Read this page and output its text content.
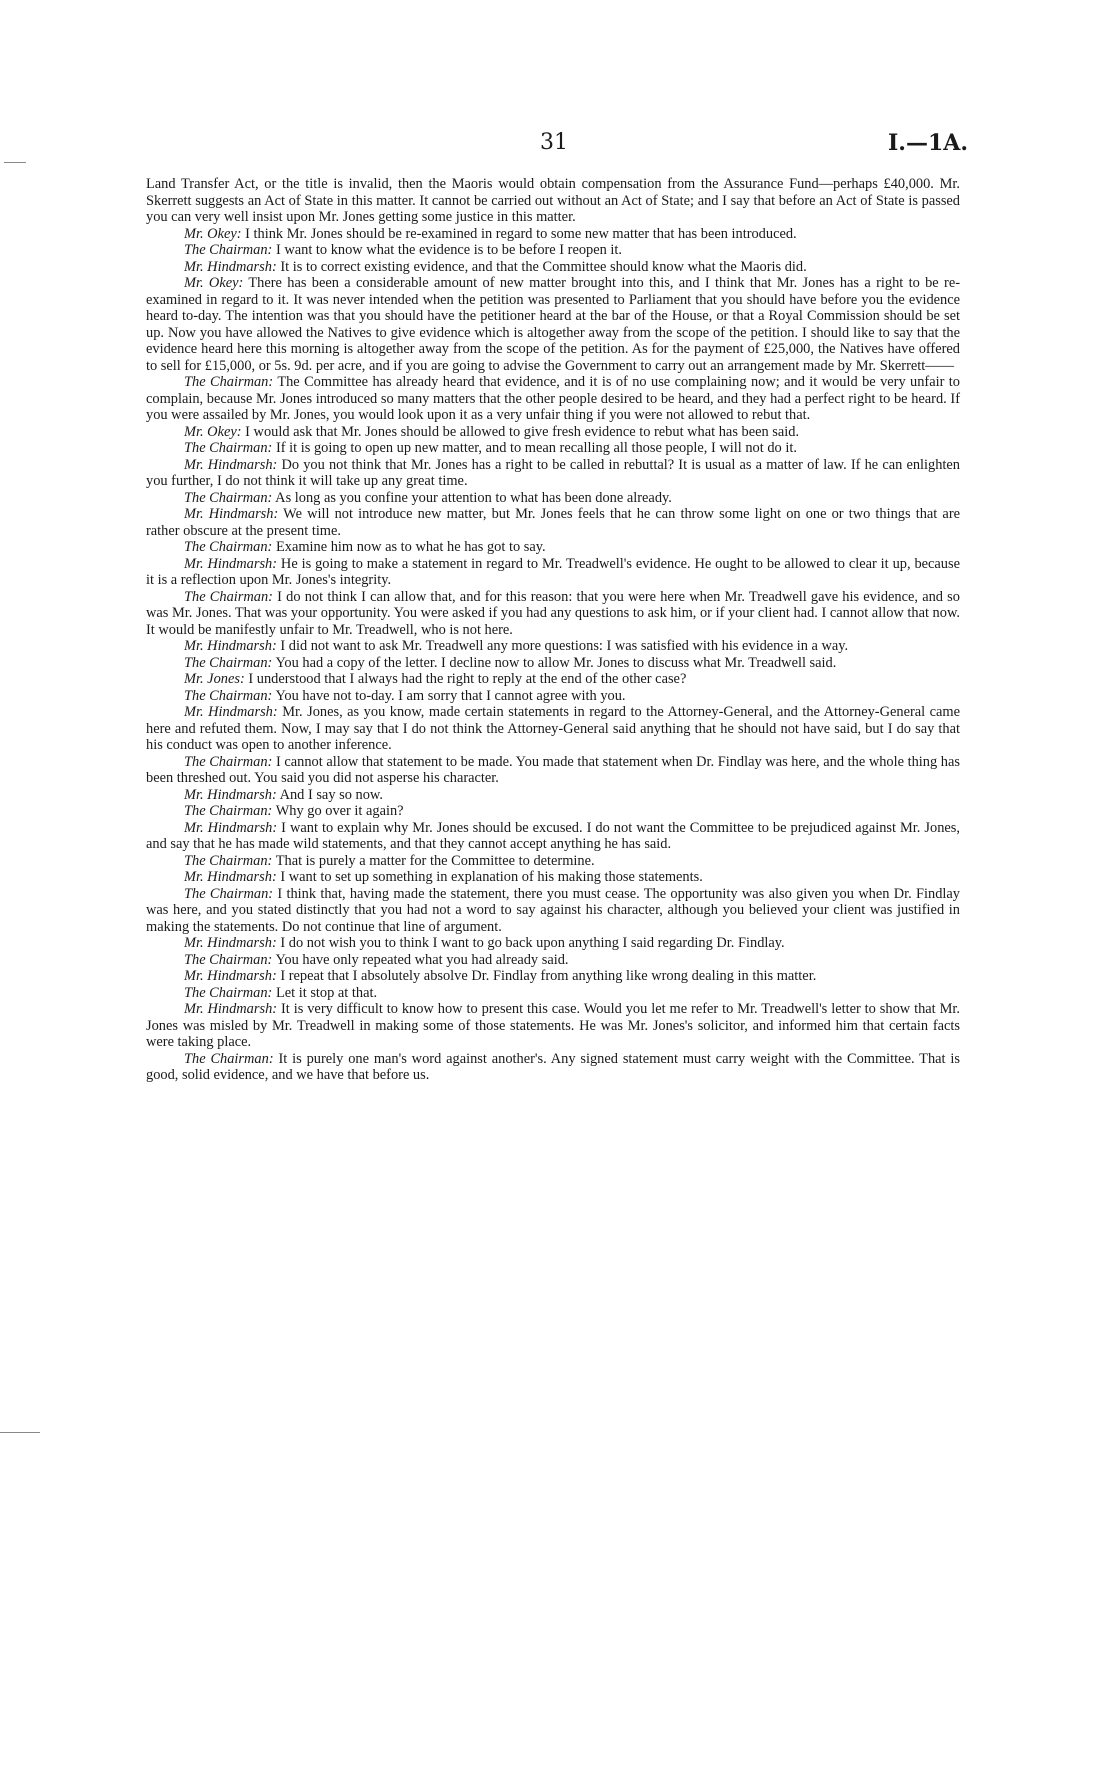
31	I.—1A.

Land Transfer Act, or the title is invalid, then the Maoris would obtain compensation from the Assurance Fund—perhaps £40,000. Mr. Skerrett suggests an Act of State in this matter. It cannot be carried out without an Act of State; and I say that before an Act of State is passed you can very well insist upon Mr. Jones getting some justice in this matter.

Mr. Okey: I think Mr. Jones should be re-examined in regard to some new matter that has been introduced.

The Chairman: I want to know what the evidence is to be before I reopen it.

Mr. Hindmarsh: It is to correct existing evidence, and that the Committee should know what the Maoris did.

Mr. Okey: There has been a considerable amount of new matter brought into this, and I think that Mr. Jones has a right to be re-examined in regard to it. It was never intended when the petition was presented to Parliament that you should have before you the evidence heard to-day. The intention was that you should have the petitioner heard at the bar of the House, or that a Royal Commission should be set up. Now you have allowed the Natives to give evidence which is altogether away from the scope of the petition. I should like to say that the evidence heard here this morning is altogether away from the scope of the petition. As for the payment of £25,000, the Natives have offered to sell for £15,000, or 5s. 9d. per acre, and if you are going to advise the Government to carry out an arrangement made by Mr. Skerrett——

The Chairman: The Committee has already heard that evidence, and it is of no use complaining now; and it would be very unfair to complain, because Mr. Jones introduced so many matters that the other people desired to be heard, and they had a perfect right to be heard. If you were assailed by Mr. Jones, you would look upon it as a very unfair thing if you were not allowed to rebut that.

Mr. Okey: I would ask that Mr. Jones should be allowed to give fresh evidence to rebut what has been said.

The Chairman: If it is going to open up new matter, and to mean recalling all those people, I will not do it.

Mr. Hindmarsh: Do you not think that Mr. Jones has a right to be called in rebuttal? It is usual as a matter of law. If he can enlighten you further, I do not think it will take up any great time.

The Chairman: As long as you confine your attention to what has been done already.

Mr. Hindmarsh: We will not introduce new matter, but Mr. Jones feels that he can throw some light on one or two things that are rather obscure at the present time.

The Chairman: Examine him now as to what he has got to say.

Mr. Hindmarsh: He is going to make a statement in regard to Mr. Treadwell's evidence. He ought to be allowed to clear it up, because it is a reflection upon Mr. Jones's integrity.

The Chairman: I do not think I can allow that, and for this reason: that you were here when Mr. Treadwell gave his evidence, and so was Mr. Jones. That was your opportunity. You were asked if you had any questions to ask him, or if your client had. I cannot allow that now. It would be manifestly unfair to Mr. Treadwell, who is not here.

Mr. Hindmarsh: I did not want to ask Mr. Treadwell any more questions: I was satisfied with his evidence in a way.

The Chairman: You had a copy of the letter. I decline now to allow Mr. Jones to discuss what Mr. Treadwell said.

Mr. Jones: I understood that I always had the right to reply at the end of the other case?

The Chairman: You have not to-day. I am sorry that I cannot agree with you.

Mr. Hindmarsh: Mr. Jones, as you know, made certain statements in regard to the Attorney-General, and the Attorney-General came here and refuted them. Now, I may say that I do not think the Attorney-General said anything that he should not have said, but I do say that his conduct was open to another inference.

The Chairman: I cannot allow that statement to be made. You made that statement when Dr. Findlay was here, and the whole thing has been threshed out. You said you did not asperse his character.

Mr. Hindmarsh: And I say so now.

The Chairman: Why go over it again?

Mr. Hindmarsh: I want to explain why Mr. Jones should be excused. I do not want the Committee to be prejudiced against Mr. Jones, and say that he has made wild statements, and that they cannot accept anything he has said.

The Chairman: That is purely a matter for the Committee to determine.

Mr. Hindmarsh: I want to set up something in explanation of his making those statements.

The Chairman: I think that, having made the statement, there you must cease. The opportunity was also given you when Dr. Findlay was here, and you stated distinctly that you had not a word to say against his character, although you believed your client was justified in making the statements. Do not continue that line of argument.

Mr. Hindmarsh: I do not wish you to think I want to go back upon anything I said regarding Dr. Findlay.

The Chairman: You have only repeated what you had already said.

Mr. Hindmarsh: I repeat that I absolutely absolve Dr. Findlay from anything like wrong dealing in this matter.

The Chairman: Let it stop at that.

Mr. Hindmarsh: It is very difficult to know how to present this case. Would you let me refer to Mr. Treadwell's letter to show that Mr. Jones was misled by Mr. Treadwell in making some of those statements. He was Mr. Jones's solicitor, and informed him that certain facts were taking place.

The Chairman: It is purely one man's word against another's. Any signed statement must carry weight with the Committee. That is good, solid evidence, and we have that before us.
